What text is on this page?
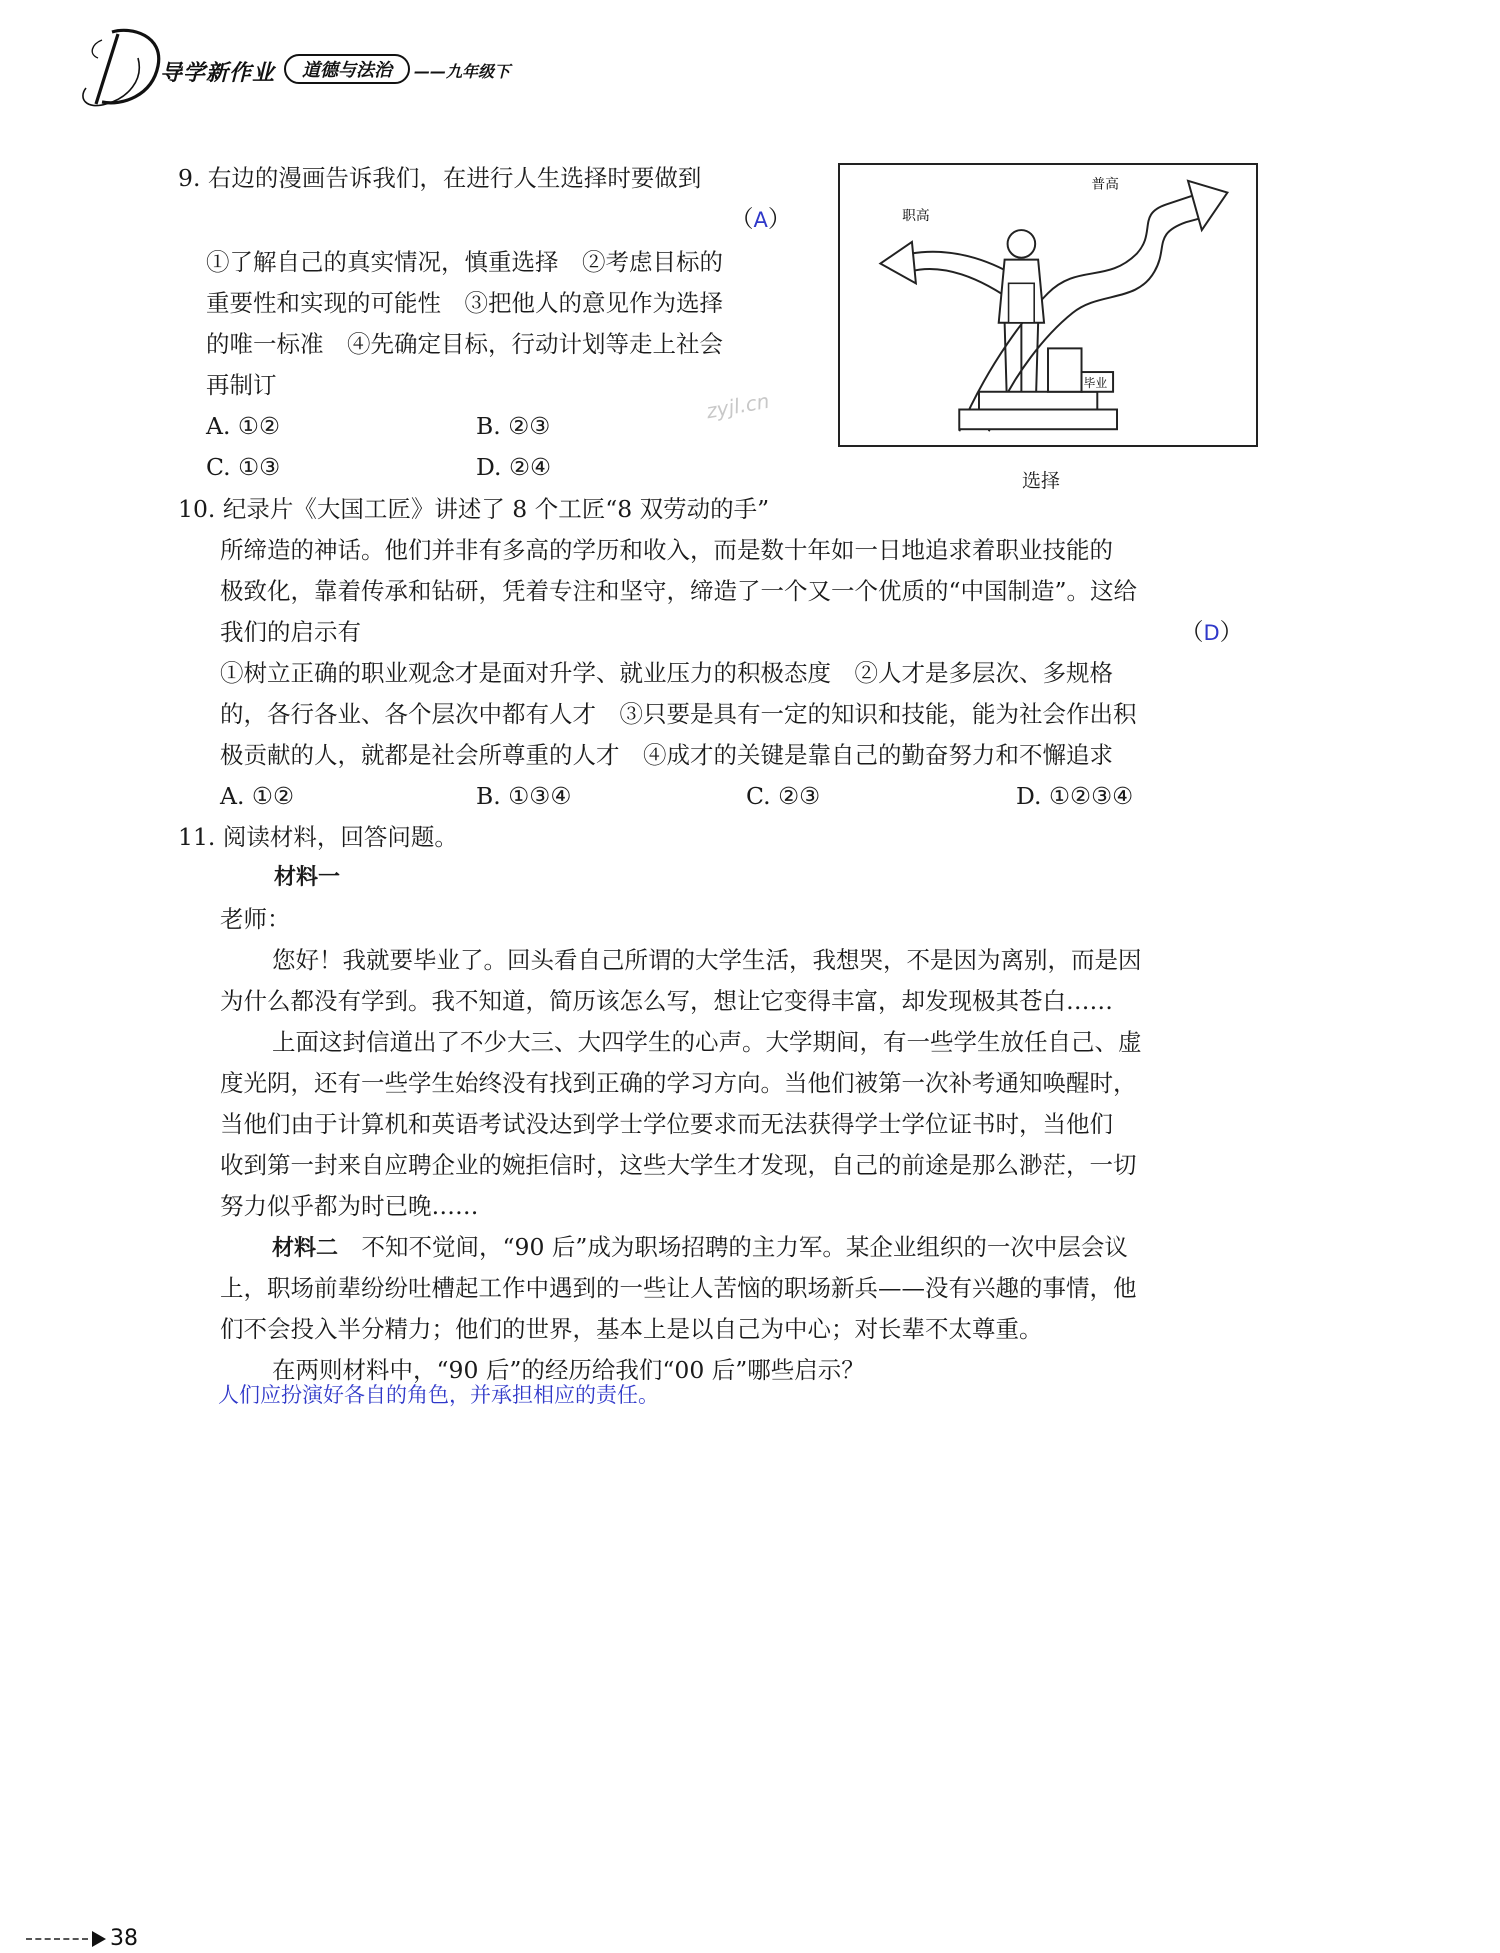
导学新作业	道德与法治	——九年级下
9. 右边的漫画告诉我们，在进行人生选择时要做到
（A）
①了解自己的真实情况，慎重选择　②考虑目标的
重要性和实现的可能性　③把他人的意见作为选择
的唯一标准　④先确定目标，行动计划等走上社会
再制订
A. ①②	B. ②③
C. ①③	D. ②④
zyjl.cn
职高
普高
毕业
选择
10. 纪录片《大国工匠》讲述了 8 个工匠“8 双劳动的手”
所缔造的神话。他们并非有多高的学历和收入，而是数十年如一日地追求着职业技能的
极致化，靠着传承和钻研，凭着专注和坚守，缔造了一个又一个优质的“中国制造”。这给
我们的启示有	（D）
①树立正确的职业观念才是面对升学、就业压力的积极态度　②人才是多层次、多规格
的，各行各业、各个层次中都有人才　③只要是具有一定的知识和技能，能为社会作出积
极贡献的人，就都是社会所尊重的人才　④成才的关键是靠自己的勤奋努力和不懈追求
A. ①②	B. ①③④	C. ②③	D. ①②③④
11. 阅读材料，回答问题。
材料一
老师：
您好！我就要毕业了。回头看自己所谓的大学生活，我想哭，不是因为离别，而是因
为什么都没有学到。我不知道，简历该怎么写，想让它变得丰富，却发现极其苍白……
上面这封信道出了不少大三、大四学生的心声。大学期间，有一些学生放任自己、虚
度光阴，还有一些学生始终没有找到正确的学习方向。当他们被第一次补考通知唤醒时，
当他们由于计算机和英语考试没达到学士学位要求而无法获得学士学位证书时，当他们
收到第一封来自应聘企业的婉拒信时，这些大学生才发现，自己的前途是那么渺茫，一切
努力似乎都为时已晚……
材料二　不知不觉间，“90 后”成为职场招聘的主力军。某企业组织的一次中层会议
上，职场前辈纷纷吐槽起工作中遇到的一些让人苦恼的职场新兵——没有兴趣的事情，他
们不会投入半分精力；他们的世界，基本上是以自己为中心；对长辈不太尊重。
在两则材料中，“90 后”的经历给我们“00 后”哪些启示？
人们应扮演好各自的角色，并承担相应的责任。
38
